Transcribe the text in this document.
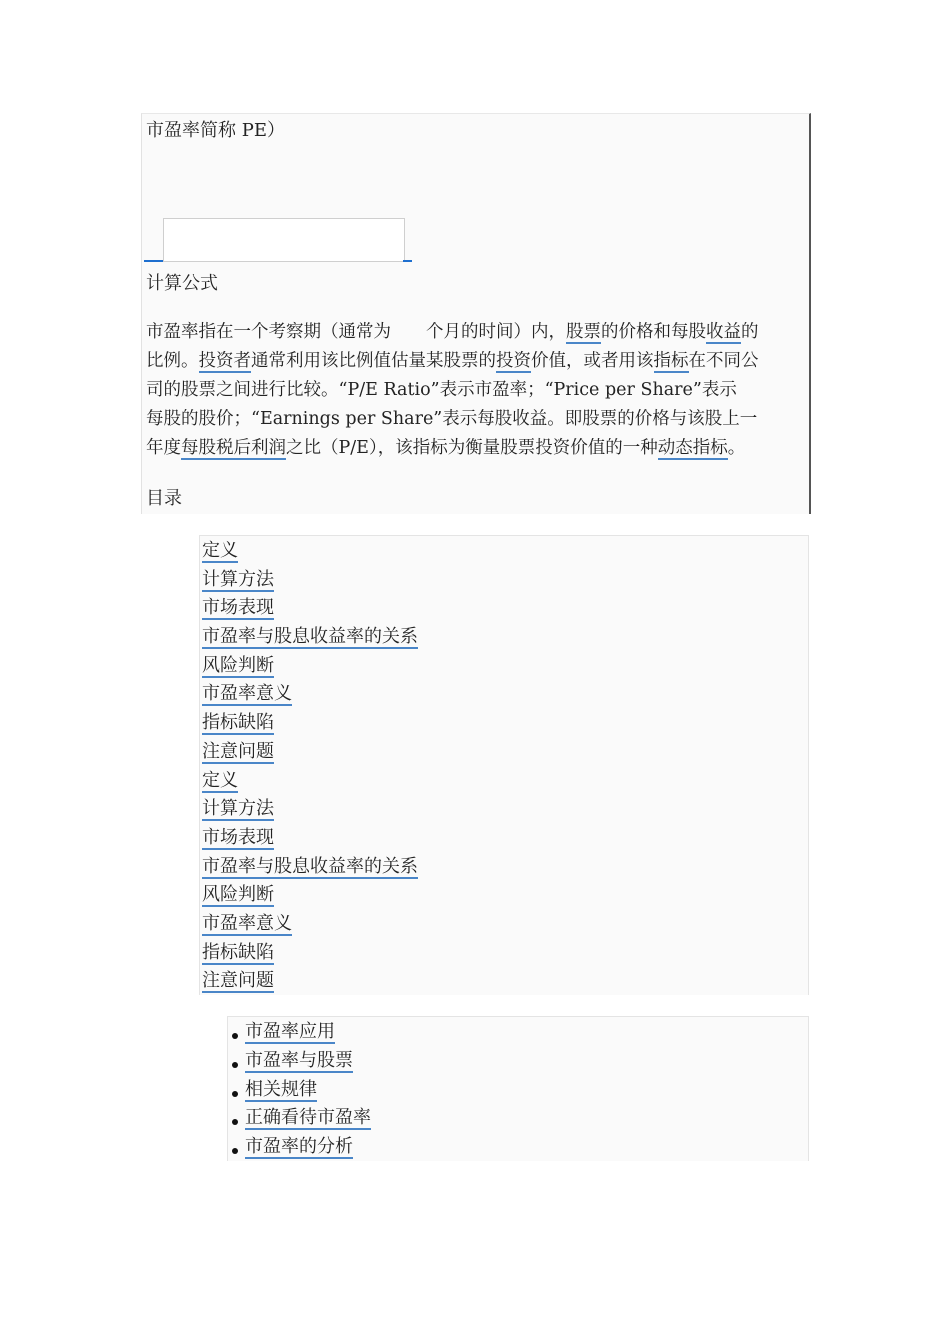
市盈率简称 PE）
计算公式
市盈率指在一个考察期（通常为　　个月的时间）内，股票的价格和每股收益的
比例。投资者通常利用该比例值估量某股票的投资价值，或者用该指标在不同公
司的股票之间进行比较。“P/E Ratio”表示市盈率；“Price per Share”表示
每股的股价；“Earnings per Share”表示每股收益。即股票的价格与该股上一
年度每股税后利润之比（P/E），该指标为衡量股票投资价值的一种动态指标。
目录
定义
计算方法
市场表现
市盈率与股息收益率的关系
风险判断
市盈率意义
指标缺陷
注意问题
定义
计算方法
市场表现
市盈率与股息收益率的关系
风险判断
市盈率意义
指标缺陷
注意问题
市盈率应用
市盈率与股票
相关规律
正确看待市盈率
市盈率的分析
